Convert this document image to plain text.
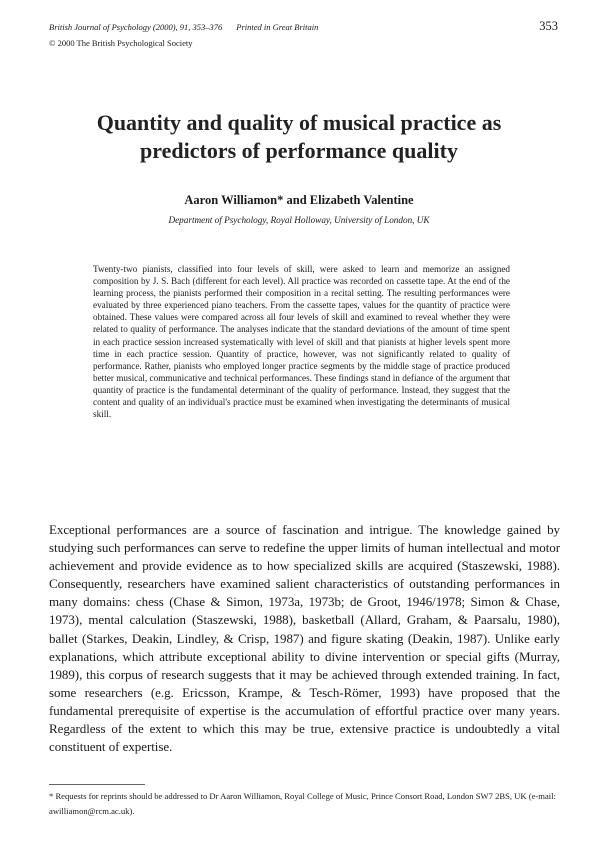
British Journal of Psychology (2000), 91, 353–376 Printed in Great Britain
© 2000 The British Psychological Society
353
Quantity and quality of musical practice as
predictors of performance quality
Aaron Williamon* and Elizabeth Valentine
Department of Psychology, Royal Holloway, University of London, UK

Twenty-two pianists, classified into four levels of skill, were asked to learn and memorize an assigned composition by J. S. Bach (different for each level). All practice was recorded on cassette tape. At the end of the learning process, the pianists performed their composition in a recital setting. The resulting performances were evaluated by three experienced piano teachers. From the cassette tapes, values for the quantity of practice were obtained. These values were compared across all four levels of skill and examined to reveal whether they were related to quality of performance. The analyses indicate that the standard deviations of the amount of time spent in each practice session increased systematically with level of skill and that pianists at higher levels spent more time in each practice session. Quantity of practice, however, was not significantly related to quality of performance. Rather, pianists who employed longer practice segments by the middle stage of practice produced better musical, communicative and technical performances. These findings stand in defiance of the argument that quantity of practice is the fundamental determinant of the quality of performance. Instead, they suggest that the content and quality of an individual's practice must be examined when investigating the determinants of musical skill.

Exceptional performances are a source of fascination and intrigue. The knowledge gained by studying such performances can serve to redefine the upper limits of human intellectual and motor achievement and provide evidence as to how specialized skills are acquired (Staszewski, 1988). Consequently, researchers have examined salient characteristics of outstanding performances in many domains: chess (Chase & Simon, 1973a, 1973b; de Groot, 1946/1978; Simon & Chase, 1973), mental calculation (Staszewski, 1988), basketball (Allard, Graham, & Paarsalu, 1980), ballet (Starkes, Deakin, Lindley, & Crisp, 1987) and figure skating (Deakin, 1987). Unlike early explanations, which attribute exceptional ability to divine intervention or special gifts (Murray, 1989), this corpus of research suggests that it may be achieved through extended training. In fact, some researchers (e.g. Ericsson, Krampe, & Tesch-Römer, 1993) have proposed that the fundamental prerequisite of expertise is the accumulation of effortful practice over many years. Regardless of the extent to which this may be true, extensive practice is undoubtedly a vital constituent of expertise.

* Requests for reprints should be addressed to Dr Aaron Williamon, Royal College of Music, Prince Consort Road, London SW7 2BS, UK (e-mail: awilliamon@rcm.ac.uk).
